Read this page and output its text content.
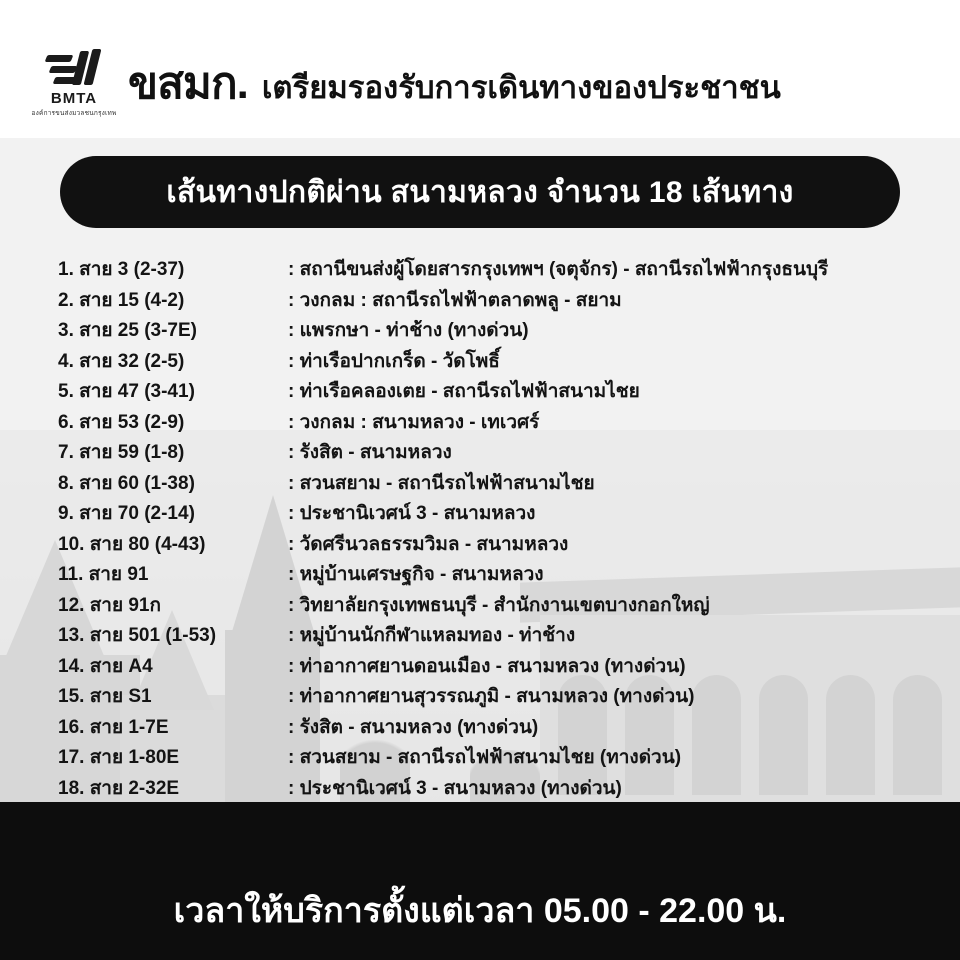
BMTA
องค์การขนส่งมวลชนกรุงเทพ
ขสมก. เตรียมรองรับการเดินทางของประชาชน
เส้นทางปกติผ่าน สนามหลวง จำนวน 18 เส้นทาง
1. สาย 3 (2-37)	: สถานีขนส่งผู้โดยสารกรุงเทพฯ (จตุจักร) - สถานีรถไฟฟ้ากรุงธนบุรี
2. สาย 15 (4-2)	: วงกลม : สถานีรถไฟฟ้าตลาดพลู - สยาม
3. สาย 25 (3-7E)	: แพรกษา - ท่าช้าง (ทางด่วน)
4. สาย 32 (2-5)	: ท่าเรือปากเกร็ด - วัดโพธิ์
5. สาย 47 (3-41)	: ท่าเรือคลองเตย - สถานีรถไฟฟ้าสนามไชย
6. สาย 53 (2-9)	: วงกลม : สนามหลวง - เทเวศร์
7. สาย 59 (1-8)	: รังสิต - สนามหลวง
8. สาย 60 (1-38)	: สวนสยาม - สถานีรถไฟฟ้าสนามไชย
9. สาย 70 (2-14)	: ประชานิเวศน์ 3 - สนามหลวง
10. สาย 80 (4-43)	: วัดศรีนวลธรรมวิมล - สนามหลวง
11. สาย 91	: หมู่บ้านเศรษฐกิจ - สนามหลวง
12. สาย 91ก	: วิทยาลัยกรุงเทพธนบุรี - สำนักงานเขตบางกอกใหญ่
13. สาย 501 (1-53)	: หมู่บ้านนักกีฬาแหลมทอง - ท่าช้าง
14. สาย A4	: ท่าอากาศยานดอนเมือง - สนามหลวง (ทางด่วน)
15. สาย S1	: ท่าอากาศยานสุวรรณภูมิ - สนามหลวง (ทางด่วน)
16. สาย 1-7E	: รังสิต - สนามหลวง (ทางด่วน)
17. สาย 1-80E	: สวนสยาม - สถานีรถไฟฟ้าสนามไชย (ทางด่วน)
18. สาย 2-32E	: ประชานิเวศน์ 3 - สนามหลวง (ทางด่วน)
เวลาให้บริการตั้งแต่เวลา 05.00 - 22.00 น.
